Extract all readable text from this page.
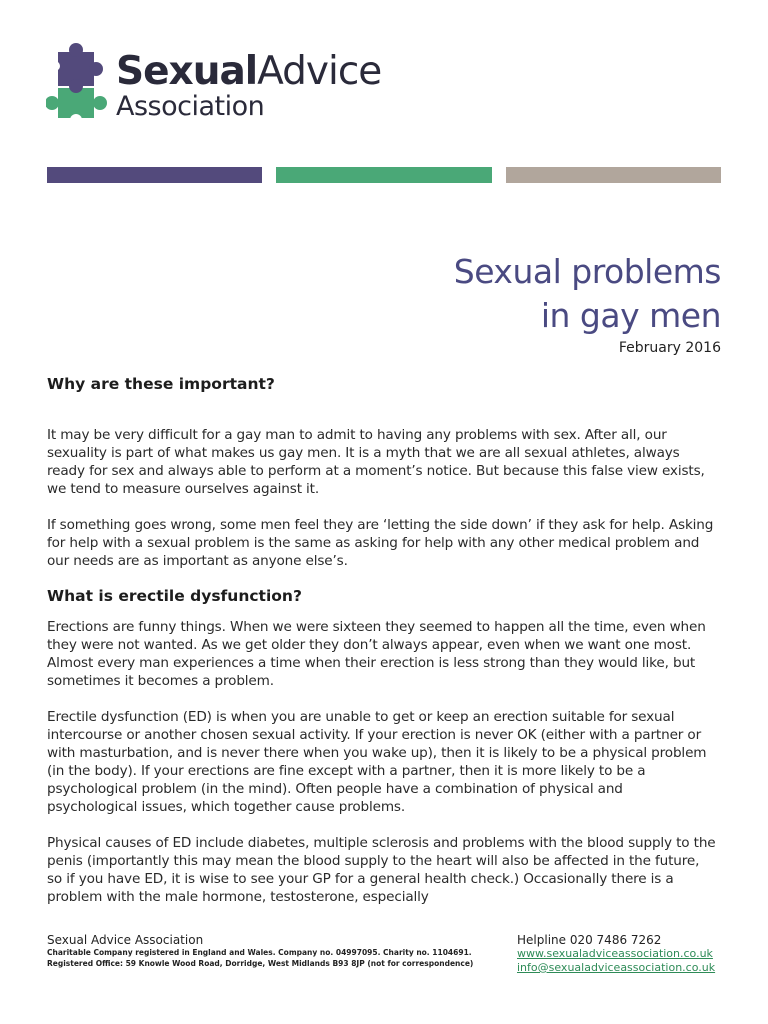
SexualAdvice
Association
Sexual problems
in gay men
February 2016
Why are these important?

It may be very difficult for a gay man to admit to having any problems with sex. After all, our sexuality is part of what makes us gay men. It is a myth that we are all sexual athletes, always ready for sex and always able to perform at a moment’s notice. But because this false view exists, we tend to measure ourselves against it.

If something goes wrong, some men feel they are ‘letting the side down’ if they ask for help. Asking for help with a sexual problem is the same as asking for help with any other medical problem and our needs are as important as anyone else’s.

What is erectile dysfunction?

Erections are funny things. When we were sixteen they seemed to happen all the time, even when they were not wanted. As we get older they don’t always appear, even when we want one most. Almost every man experiences a time when their erection is less strong than they would like, but sometimes it becomes a problem.

Erectile dysfunction (ED) is when you are unable to get or keep an erection suitable for sexual intercourse or another chosen sexual activity. If your erection is never OK (either with a partner or with masturbation, and is never there when you wake up), then it is likely to be a physical problem (in the body). If your erections are fine except with a partner, then it is more likely to be a psychological problem (in the mind). Often people have a combination of physical and psychological issues, which together cause problems.

Physical causes of ED include diabetes, multiple sclerosis and problems with the blood supply to the penis (importantly this may mean the blood supply to the heart will also be affected in the future, so if you have ED, it is wise to see your GP for a general health check.) Occasionally there is a problem with the male hormone, testosterone, especially

Sexual Advice Association
Charitable Company registered in England and Wales. Company no. 04997095. Charity no. 1104691.
Registered Office: 59 Knowle Wood Road, Dorridge, West Midlands B93 8JP (not for correspondence)
Helpline 020 7486 7262
www.sexualadviceassociation.co.uk
info@sexualadviceassociation.co.uk
